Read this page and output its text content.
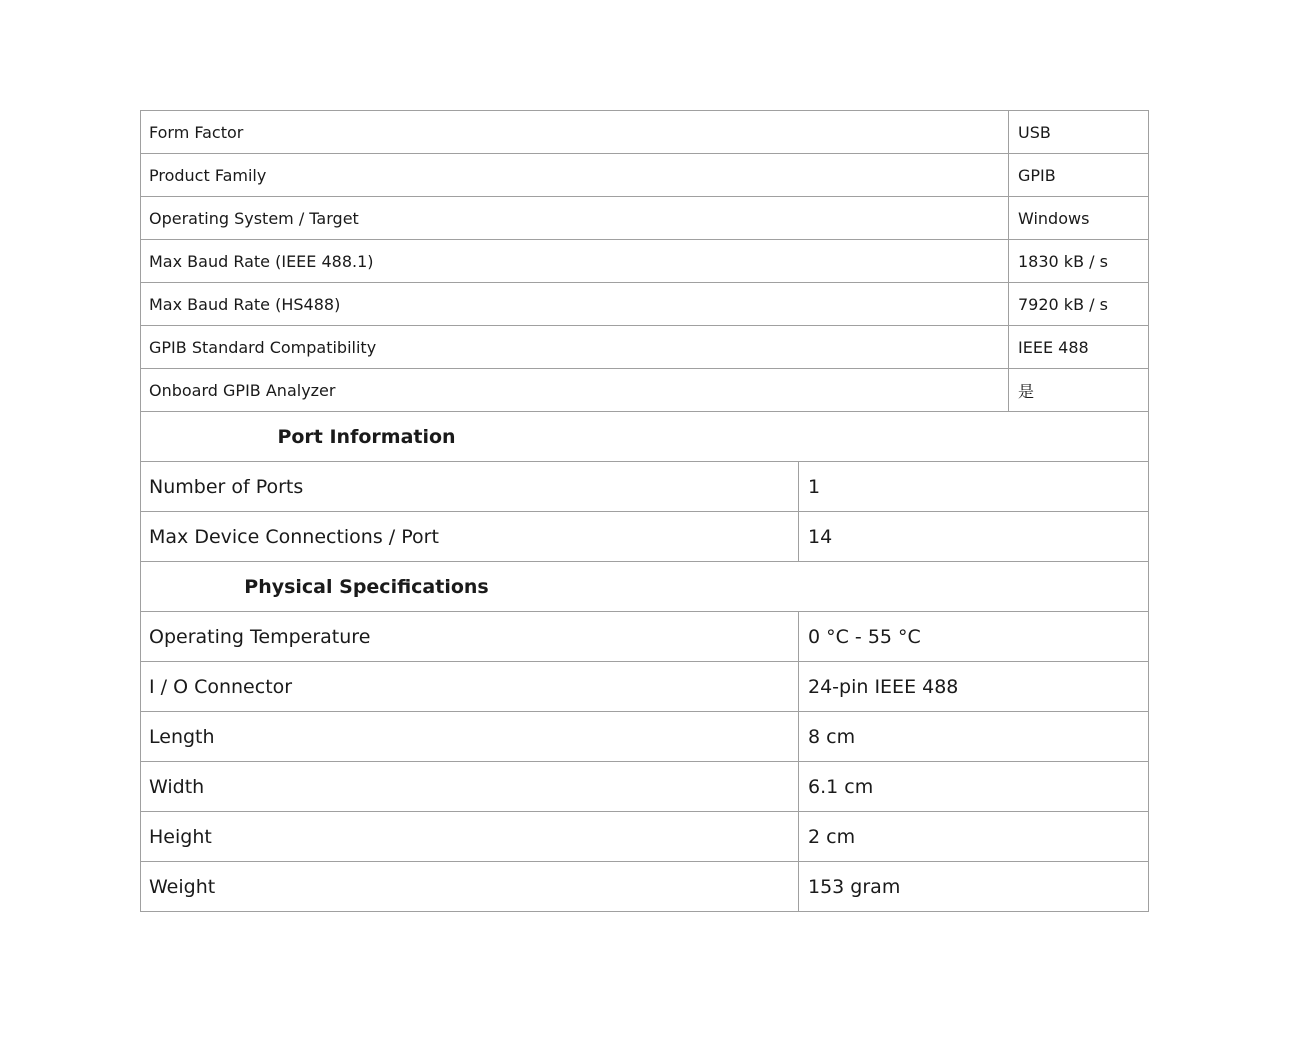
Form Factor	USB
Product Family	GPIB
Operating System / Target	Windows
Max Baud Rate (IEEE 488.1)	1830 kB / s
Max Baud Rate (HS488)	7920 kB / s
GPIB Standard Compatibility	IEEE 488
Onboard GPIB Analyzer	是
Port Information	
Number of Ports	1
Max Device Connections / Port	14
Physical Specifications	
Operating Temperature	0 °C - 55 °C
I / O Connector	24-pin IEEE 488
Length	8 cm
Width	6.1 cm
Height	2 cm
Weight	153 gram
